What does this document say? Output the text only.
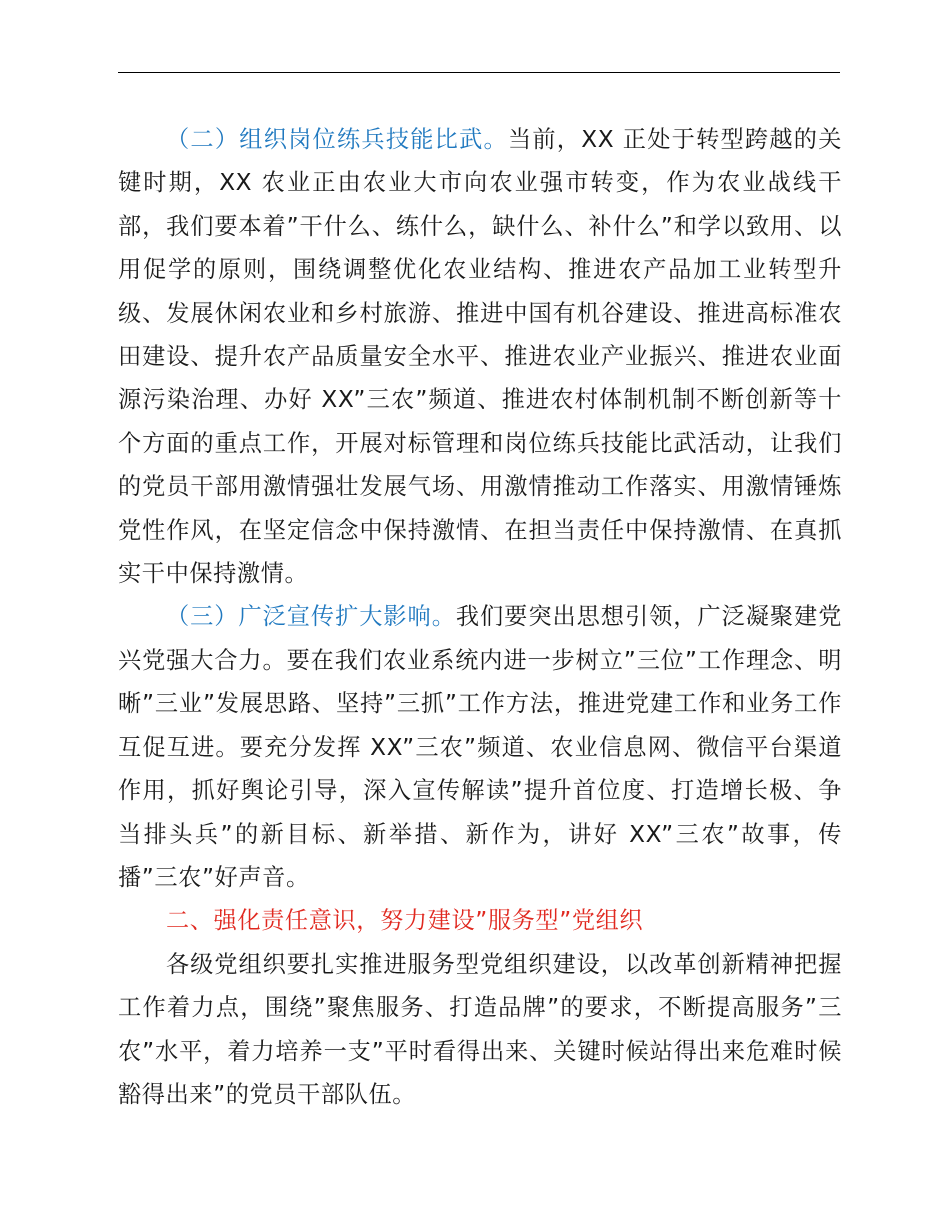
（二）组织岗位练兵技能比武。当前，XX 正处于转型跨越的关键时期，XX 农业正由农业大市向农业强市转变，作为农业战线干部，我们要本着”干什么、练什么，缺什么、补什么”和学以致用、以用促学的原则，围绕调整优化农业结构、推进农产品加工业转型升级、发展休闲农业和乡村旅游、推进中国有机谷建设、推进高标准农田建设、提升农产品质量安全水平、推进农业产业振兴、推进农业面源污染治理、办好 XX”三农”频道、推进农村体制机制不断创新等十个方面的重点工作，开展对标管理和岗位练兵技能比武活动，让我们的党员干部用激情强壮发展气场、用激情推动工作落实、用激情锤炼党性作风，在坚定信念中保持激情、在担当责任中保持激情、在真抓实干中保持激情。

（三）广泛宣传扩大影响。我们要突出思想引领，广泛凝聚建党兴党强大合力。要在我们农业系统内进一步树立”三位”工作理念、明晰”三业”发展思路、坚持”三抓”工作方法，推进党建工作和业务工作互促互进。要充分发挥 XX”三农”频道、农业信息网、微信平台渠道作用，抓好舆论引导，深入宣传解读”提升首位度、打造增长极、争当排头兵”的新目标、新举措、新作为，讲好 XX”三农”故事，传播”三农”好声音。

二、强化责任意识，努力建设”服务型”党组织

各级党组织要扎实推进服务型党组织建设，以改革创新精神把握工作着力点，围绕”聚焦服务、打造品牌”的要求，不断提高服务”三农”水平，着力培养一支”平时看得出来、关键时候站得出来危难时候豁得出来”的党员干部队伍。
